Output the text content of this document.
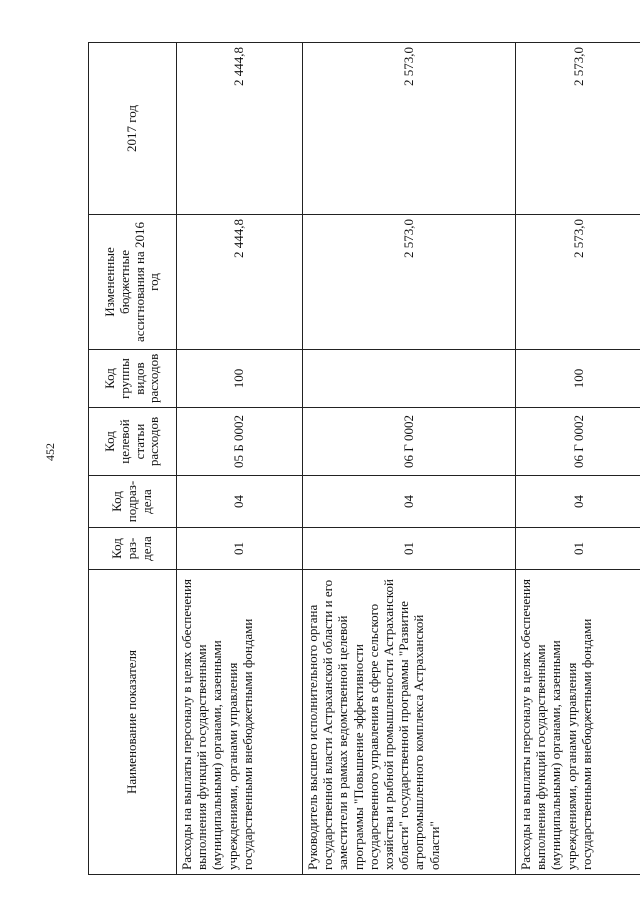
452
Наименование показателя	Код раз-дела	Код подраз-дела	Код целевой статьи расходов	Код группы видов расходов	Измененные бюджетные ассигнования на 2016 год	2017 год
Расходы на выплаты персоналу в целях обеспечения выполнения функций государственными (муниципальными) органами, казенными учреждениями, органами управления государственными внебюджетными фондами	01	04	05 Б 0002	100	2 444,8	2 444,8
Руководитель высшего исполнительного органа государственной власти Астраханской области и его заместители в рамках ведомственной целевой программы "Повышение эффективности государственного управления в сфере сельского хозяйства и рыбной промышленности Астраханской области" государственной программы "Развитие агропромышленного комплекса Астраханской области"	01	04	06 Г 0002		2 573,0	2 573,0
Расходы на выплаты персоналу в целях обеспечения выполнения функций государственными (муниципальными) органами, казенными учреждениями, органами управления государственными внебюджетными фондами	01	04	06 Г 0002	100	2 573,0	2 573,0
